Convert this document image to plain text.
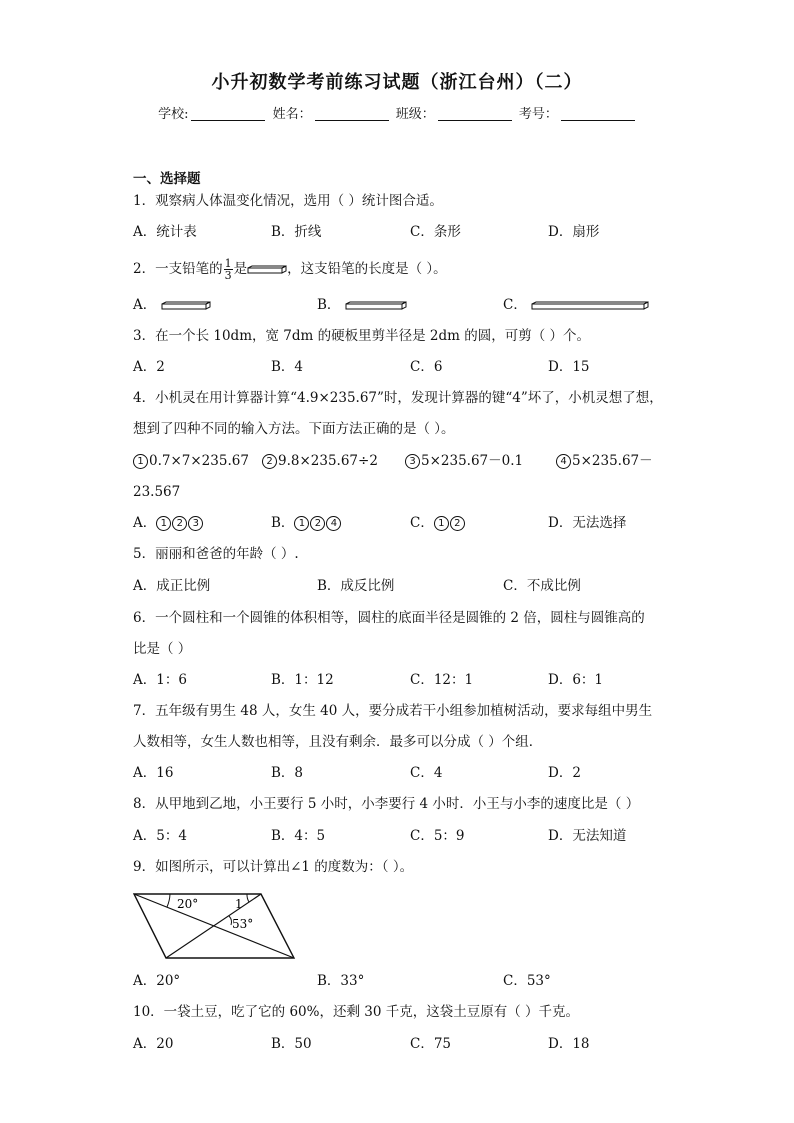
小升初数学考前练习试题（浙江台州）（二）
学校:	姓名：	班级：	考号：
一、选择题
1．观察病人体温变化情况，选用（ ）统计图合适。
A．统计表	B．折线	C．条形	D．扇形
2．一支铅笔的 $\frac{1}{3}$ 是	，这支铅笔的长度是（ ）。
A．	B．	C．
3．在一个长 10dm，宽 7dm 的硬板里剪半径是 2dm 的圆，可剪（ ）个。
A．2	B．4	C．6	D．15
4．小机灵在用计算器计算“4.9×235.67”时，发现计算器的键“4”坏了，小机灵想了想，
想到了四种不同的输入方法。下面方法正确的是（ ）。
1 0.7×7×235.67	2 9.8×235.67÷2	3 5×235.67－0.1	4 5×235.67－
23.567
A． 1 2 3	B． 1 2 4	C． 1 2	D．无法选择
5．丽丽和爸爸的年龄（ ）.
A．成正比例	B．成反比例	C．不成比例
6．一个圆柱和一个圆锥的体积相等，圆柱的底面半径是圆锥的 2 倍，圆柱与圆锥高的
比是（ ）
A．1：6	B．1：12	C．12：1	D．6：1
7．五年级有男生 48 人，女生 40 人，要分成若干小组参加植树活动，要求每组中男生
人数相等，女生人数也相等，且没有剩余．最多可以分成（ ）个组．
A．16	B．8	C．4	D．2
8．从甲地到乙地，小王要行 5 小时，小李要行 4 小时．小王与小李的速度比是（ ）
A．5：4	B．4：5	C．5：9	D．无法知道
9．如图所示，可以计算出∠1 的度数为：（ ）。
20°	1
53°
A．20°	B．33°	C．53°
10．一袋土豆，吃了它的 60%，还剩 30 千克，这袋土豆原有（ ）千克。
A．20	B．50	C．75	D．18
